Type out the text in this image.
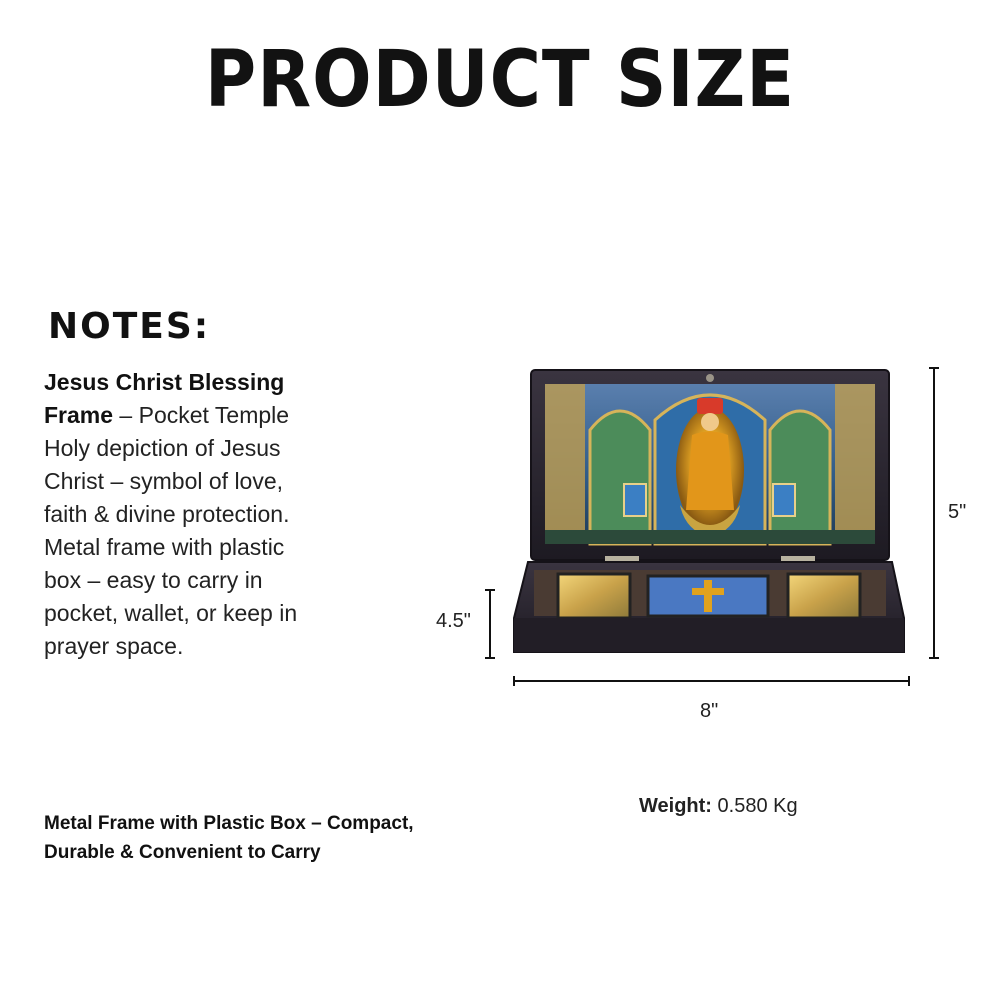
PRODUCT SIZE
NOTES:
Jesus Christ Blessing
Frame – Pocket Temple
Holy depiction of Jesus
Christ – symbol of love,
faith & divine protection.
Metal frame with plastic
box – easy to carry in
pocket, wallet, or keep in
prayer space.
Metal Frame with Plastic Box – Compact,
Durable & Convenient to Carry
Weight: 0.580 Kg
4.5"
5"
8"
